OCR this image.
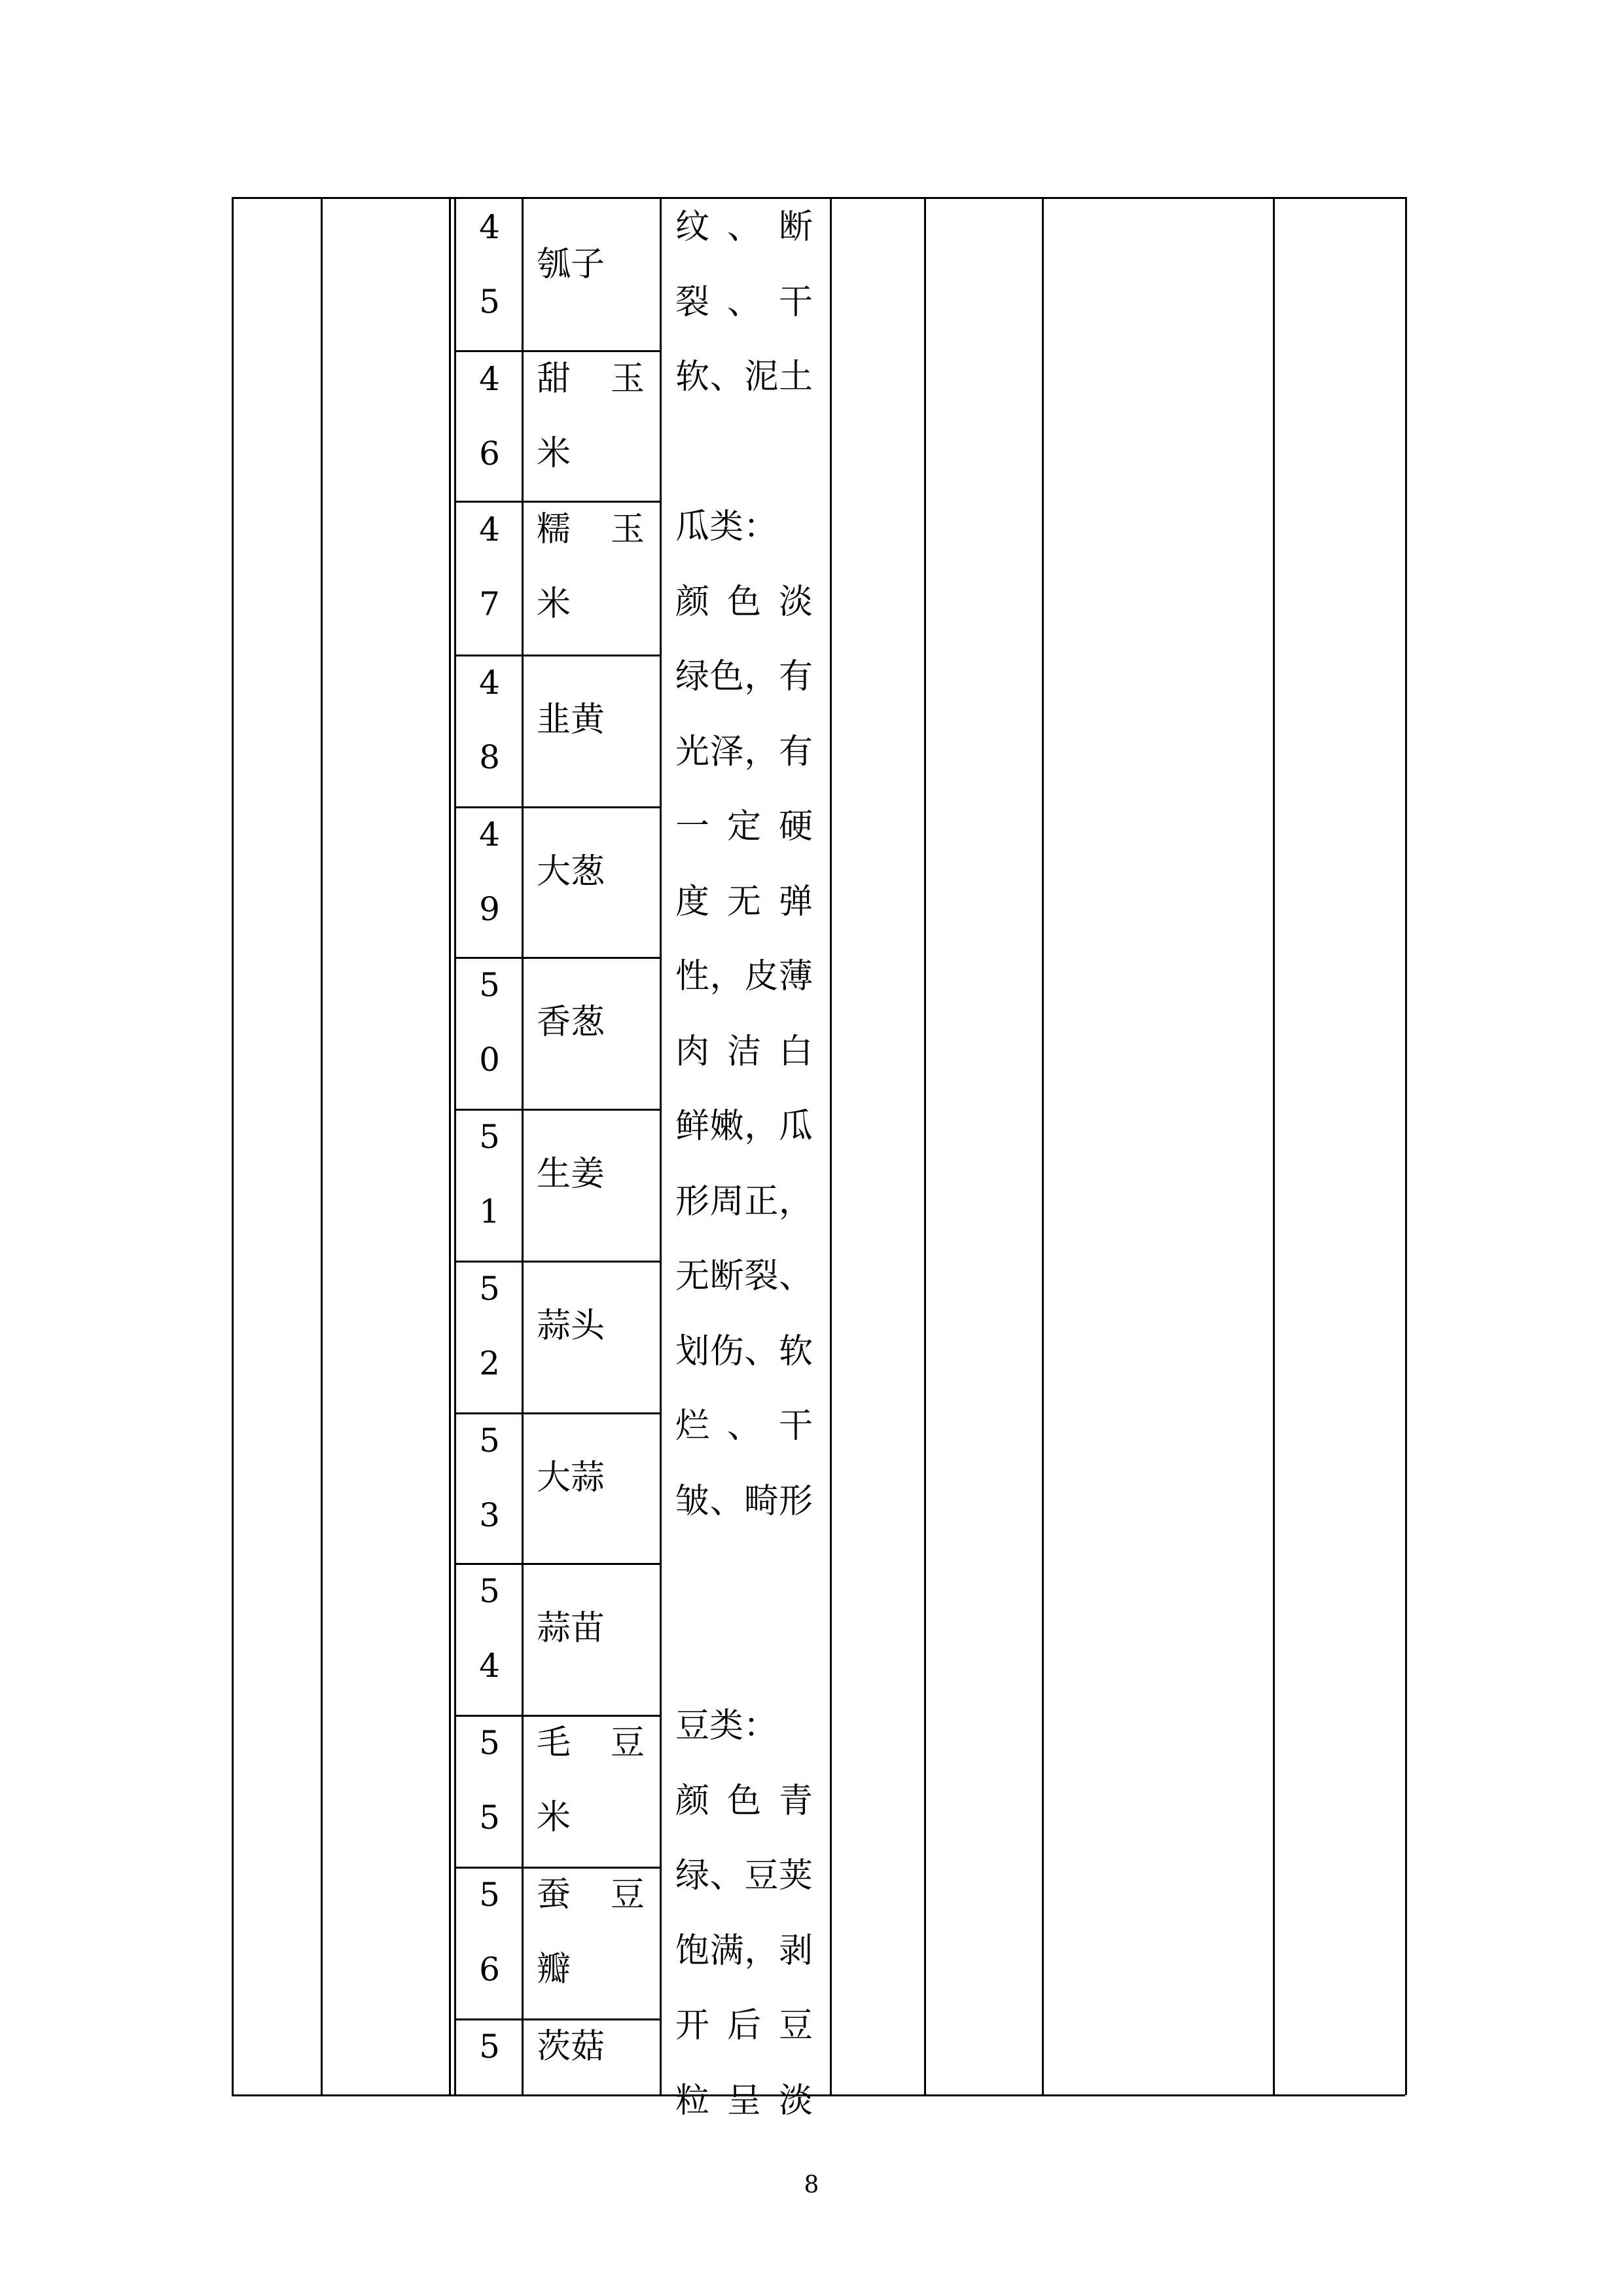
4
5
瓠子
4
6
甜 玉 米
4
7
糯 玉 米
4
8
韭黄
4
9
大葱
5
0
香葱
5
1
生姜
5
2
蒜头
5
3
大蒜
5
4
蒜苗
5
5
毛 豆 米
5
6
蚕 豆 瓣
5	茨菇
纹、断
裂、干
软、泥土
瓜类：
颜色淡
绿色，有
光泽，有
一定硬
度无弹
性，皮薄
肉洁白
鲜嫩，瓜
形周正，
无断裂、
划伤、软
烂、干
皱、畸形
豆类：
颜色青
绿、豆荚
饱满，剥
开后豆
粒呈淡
8
